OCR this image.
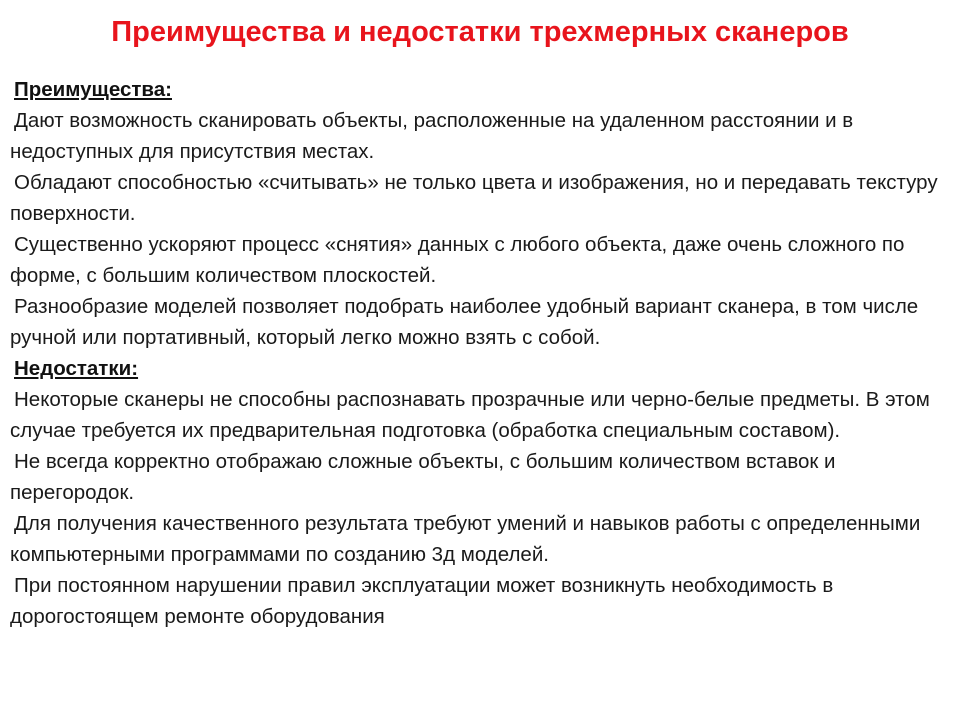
Преимущества и недостатки трехмерных сканеров

Преимущества:

Дают возможность сканировать объекты, расположенные на удаленном расстоянии и в недоступных для присутствия местах.

Обладают способностью «считывать» не только цвета и изображения, но и передавать текстуру поверхности.

Существенно ускоряют процесс «снятия» данных с любого объекта, даже очень сложного по форме, с большим количеством плоскостей.

Разнообразие моделей позволяет подобрать наиболее удобный вариант сканера, в том числе ручной или портативный, который легко можно взять с собой.

Недостатки:

Некоторые сканеры не способны распознавать прозрачные или черно-белые предметы. В этом случае требуется их предварительная подготовка (обработка специальным составом).

Не всегда корректно отображаю сложные объекты, с большим количеством вставок и перегородок.

Для получения качественного результата требуют умений и навыков работы с определенными компьютерными программами по созданию 3д моделей.

При постоянном нарушении правил эксплуатации может возникнуть необходимость в дорогостоящем ремонте оборудования
